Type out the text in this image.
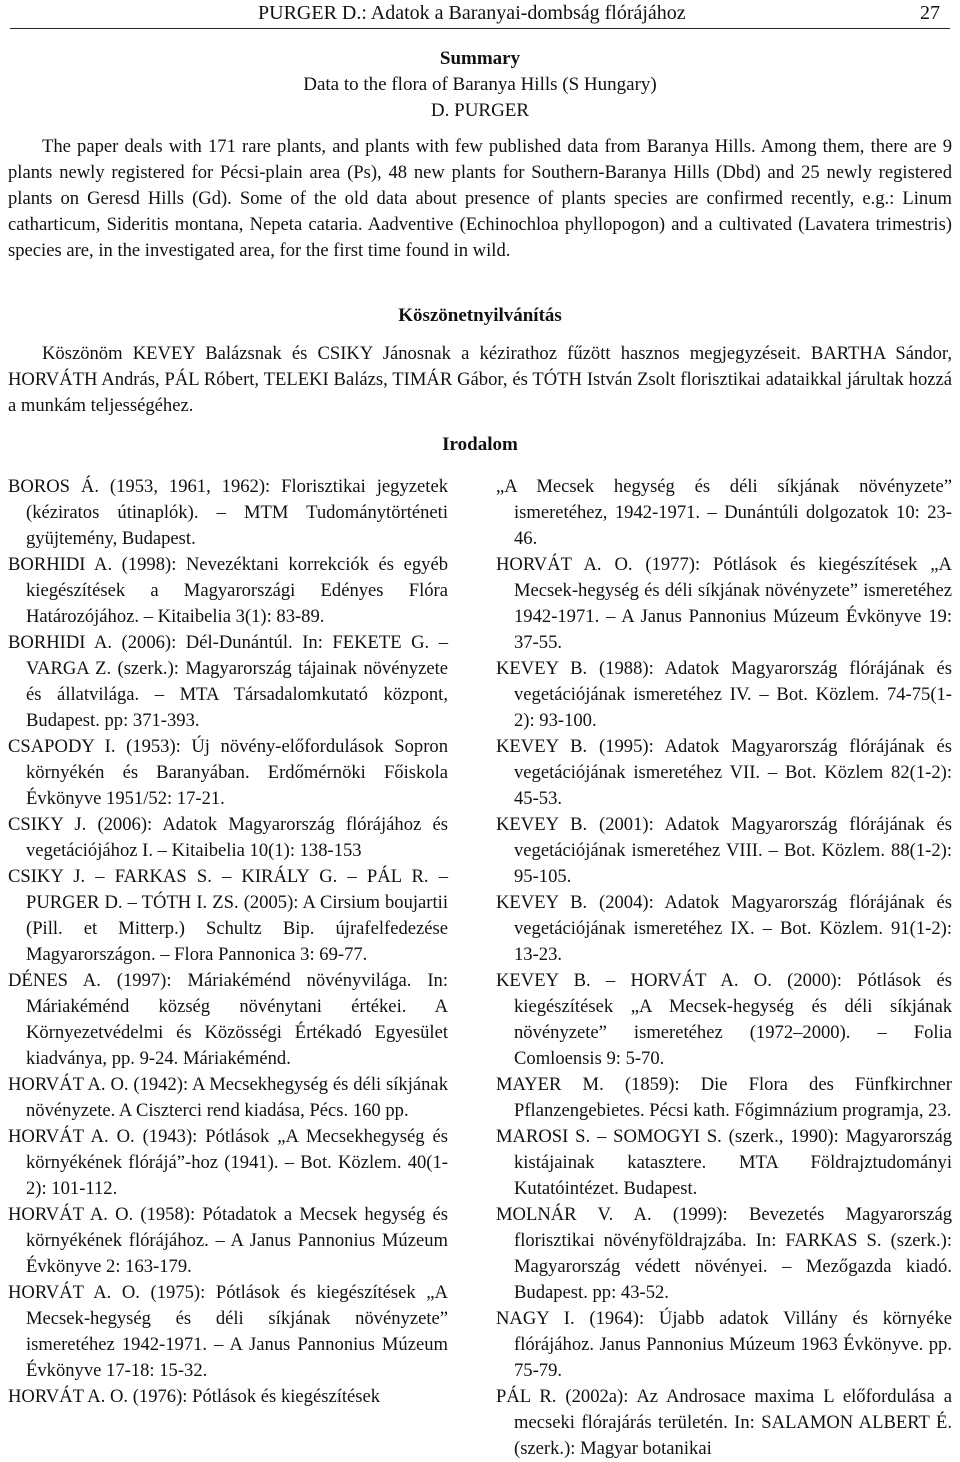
PURGER D.: Adatok a Baranyai-dombság flórájához	27
Summary
Data to the flora of Baranya Hills (S Hungary)
D. PURGER
The paper deals with 171 rare plants, and plants with few published data from Baranya Hills. Among them, there are 9 plants newly registered for Pécsi-plain area (Ps), 48 new plants for Southern-Baranya Hills (Dbd) and 25 newly registered plants on Geresd Hills (Gd). Some of the old data about presence of plants species are confirmed recently, e.g.: Linum catharticum, Sideritis montana, Nepeta cataria. Aadventive (Echinochloa phyllopogon) and a cultivated (Lavatera trimestris) species are, in the investigated area, for the first time found in wild.
Köszönetnyilvánítás
Köszönöm KEVEY Balázsnak és CSIKY Jánosnak a kézirathoz fűzött hasznos megjegyzéseit. BARTHA Sándor, HORVÁTH András, PÁL Róbert, TELEKI Balázs, TIMÁR Gábor, és TÓTH István Zsolt florisztikai adataikkal járultak hozzá a munkám teljességéhez.
Irodalom
BOROS Á. (1953, 1961, 1962): Florisztikai jegyzetek (kéziratos útinaplók). – MTM Tudománytörténeti gyüjtemény, Budapest.
BORHIDI A. (1998): Nevezéktani korrekciók és egyéb kiegészítések a Magyarországi Edényes Flóra Határozójához. – Kitaibelia 3(1): 83-89.
BORHIDI A. (2006): Dél-Dunántúl. In: FEKETE G. – VARGA Z. (szerk.): Magyarország tájainak növényzete és állatvilága. – MTA Társadalomkutató központ, Budapest. pp: 371-393.
CSAPODY I. (1953): Új növény-előfordulások Sopron környékén és Baranyában. Erdőmérnöki Főiskola Évkönyve 1951/52: 17-21.
CSIKY J. (2006): Adatok Magyarország flórájához és vegetációjához I. – Kitaibelia 10(1): 138-153
CSIKY J. – FARKAS S. – KIRÁLY G. – PÁL R. – PURGER D. – TÓTH I. ZS. (2005): A Cirsium boujartii (Pill. et Mitterp.) Schultz Bip. újrafelfedezése Magyarországon. – Flora Pannonica 3: 69-77.
DÉNES A. (1997): Máriakéménd növényvilága. In: Máriakéménd község növénytani értékei. A Környezetvédelmi és Közösségi Értékadó Egyesület kiadványa, pp. 9-24. Máriakéménd.
HORVÁT A. O. (1942): A Mecsekhegység és déli síkjának növényzete. A Ciszterci rend kiadása, Pécs. 160 pp.
HORVÁT A. O. (1943): Pótlások „A Mecsekhegység és környékének flórájá”-hoz (1941). – Bot. Közlem. 40(1-2): 101-112.
HORVÁT A. O. (1958): Pótadatok a Mecsek hegység és környékének flórájához. – A Janus Pannonius Múzeum Évkönyve 2: 163-179.
HORVÁT A. O. (1975): Pótlások és kiegészítések „A Mecsek-hegység és déli síkjának növényzete” ismeretéhez 1942-1971. – A Janus Pannonius Múzeum Évkönyve 17-18: 15-32.
HORVÁT A. O. (1976): Pótlások és kiegészítések
„A Mecsek hegység és déli síkjának növényzete” ismeretéhez, 1942-1971. – Dunántúli dolgozatok 10: 23-46.
HORVÁT A. O. (1977): Pótlások és kiegészítések „A Mecsek-hegység és déli síkjának növényzete” ismeretéhez 1942-1971. – A Janus Pannonius Múzeum Évkönyve 19: 37-55.
KEVEY B. (1988): Adatok Magyarország flórájának és vegetációjának ismeretéhez IV. – Bot. Közlem. 74-75(1-2): 93-100.
KEVEY B. (1995): Adatok Magyarország flórájának és vegetációjának ismeretéhez VII. – Bot. Közlem 82(1-2): 45-53.
KEVEY B. (2001): Adatok Magyarország flórájának és vegetációjának ismeretéhez VIII. – Bot. Közlem. 88(1-2): 95-105.
KEVEY B. (2004): Adatok Magyarország flórájának és vegetációjának ismeretéhez IX. – Bot. Közlem. 91(1-2): 13-23.
KEVEY B. – HORVÁT A. O. (2000): Pótlások és kiegészítések „A Mecsek-hegység és déli síkjának növényzete” ismeretéhez (1972–2000). – Folia Comloensis 9: 5-70.
MAYER M. (1859): Die Flora des Fünfkirchner Pflanzengebietes. Pécsi kath. Főgimnázium programja, 23.
MAROSI S. – SOMOGYI S. (szerk., 1990): Magyarország kistájainak katasztere. MTA Földrajztudományi Kutatóintézet. Budapest.
MOLNÁR V. A. (1999): Bevezetés Magyarország florisztikai növényföldrajzába. In: FARKAS S. (szerk.): Magyarország védett növényei. – Mezőgazda kiadó. Budapest. pp: 43-52.
NAGY I. (1964): Újabb adatok Villány és környéke flórájához. Janus Pannonius Múzeum 1963 Évkönyve. pp. 75-79.
PÁL R. (2002a): Az Androsace maxima L előfordulása a mecseki flórajárás területén. In: SALAMON ALBERT É. (szerk.): Magyar botanikai
